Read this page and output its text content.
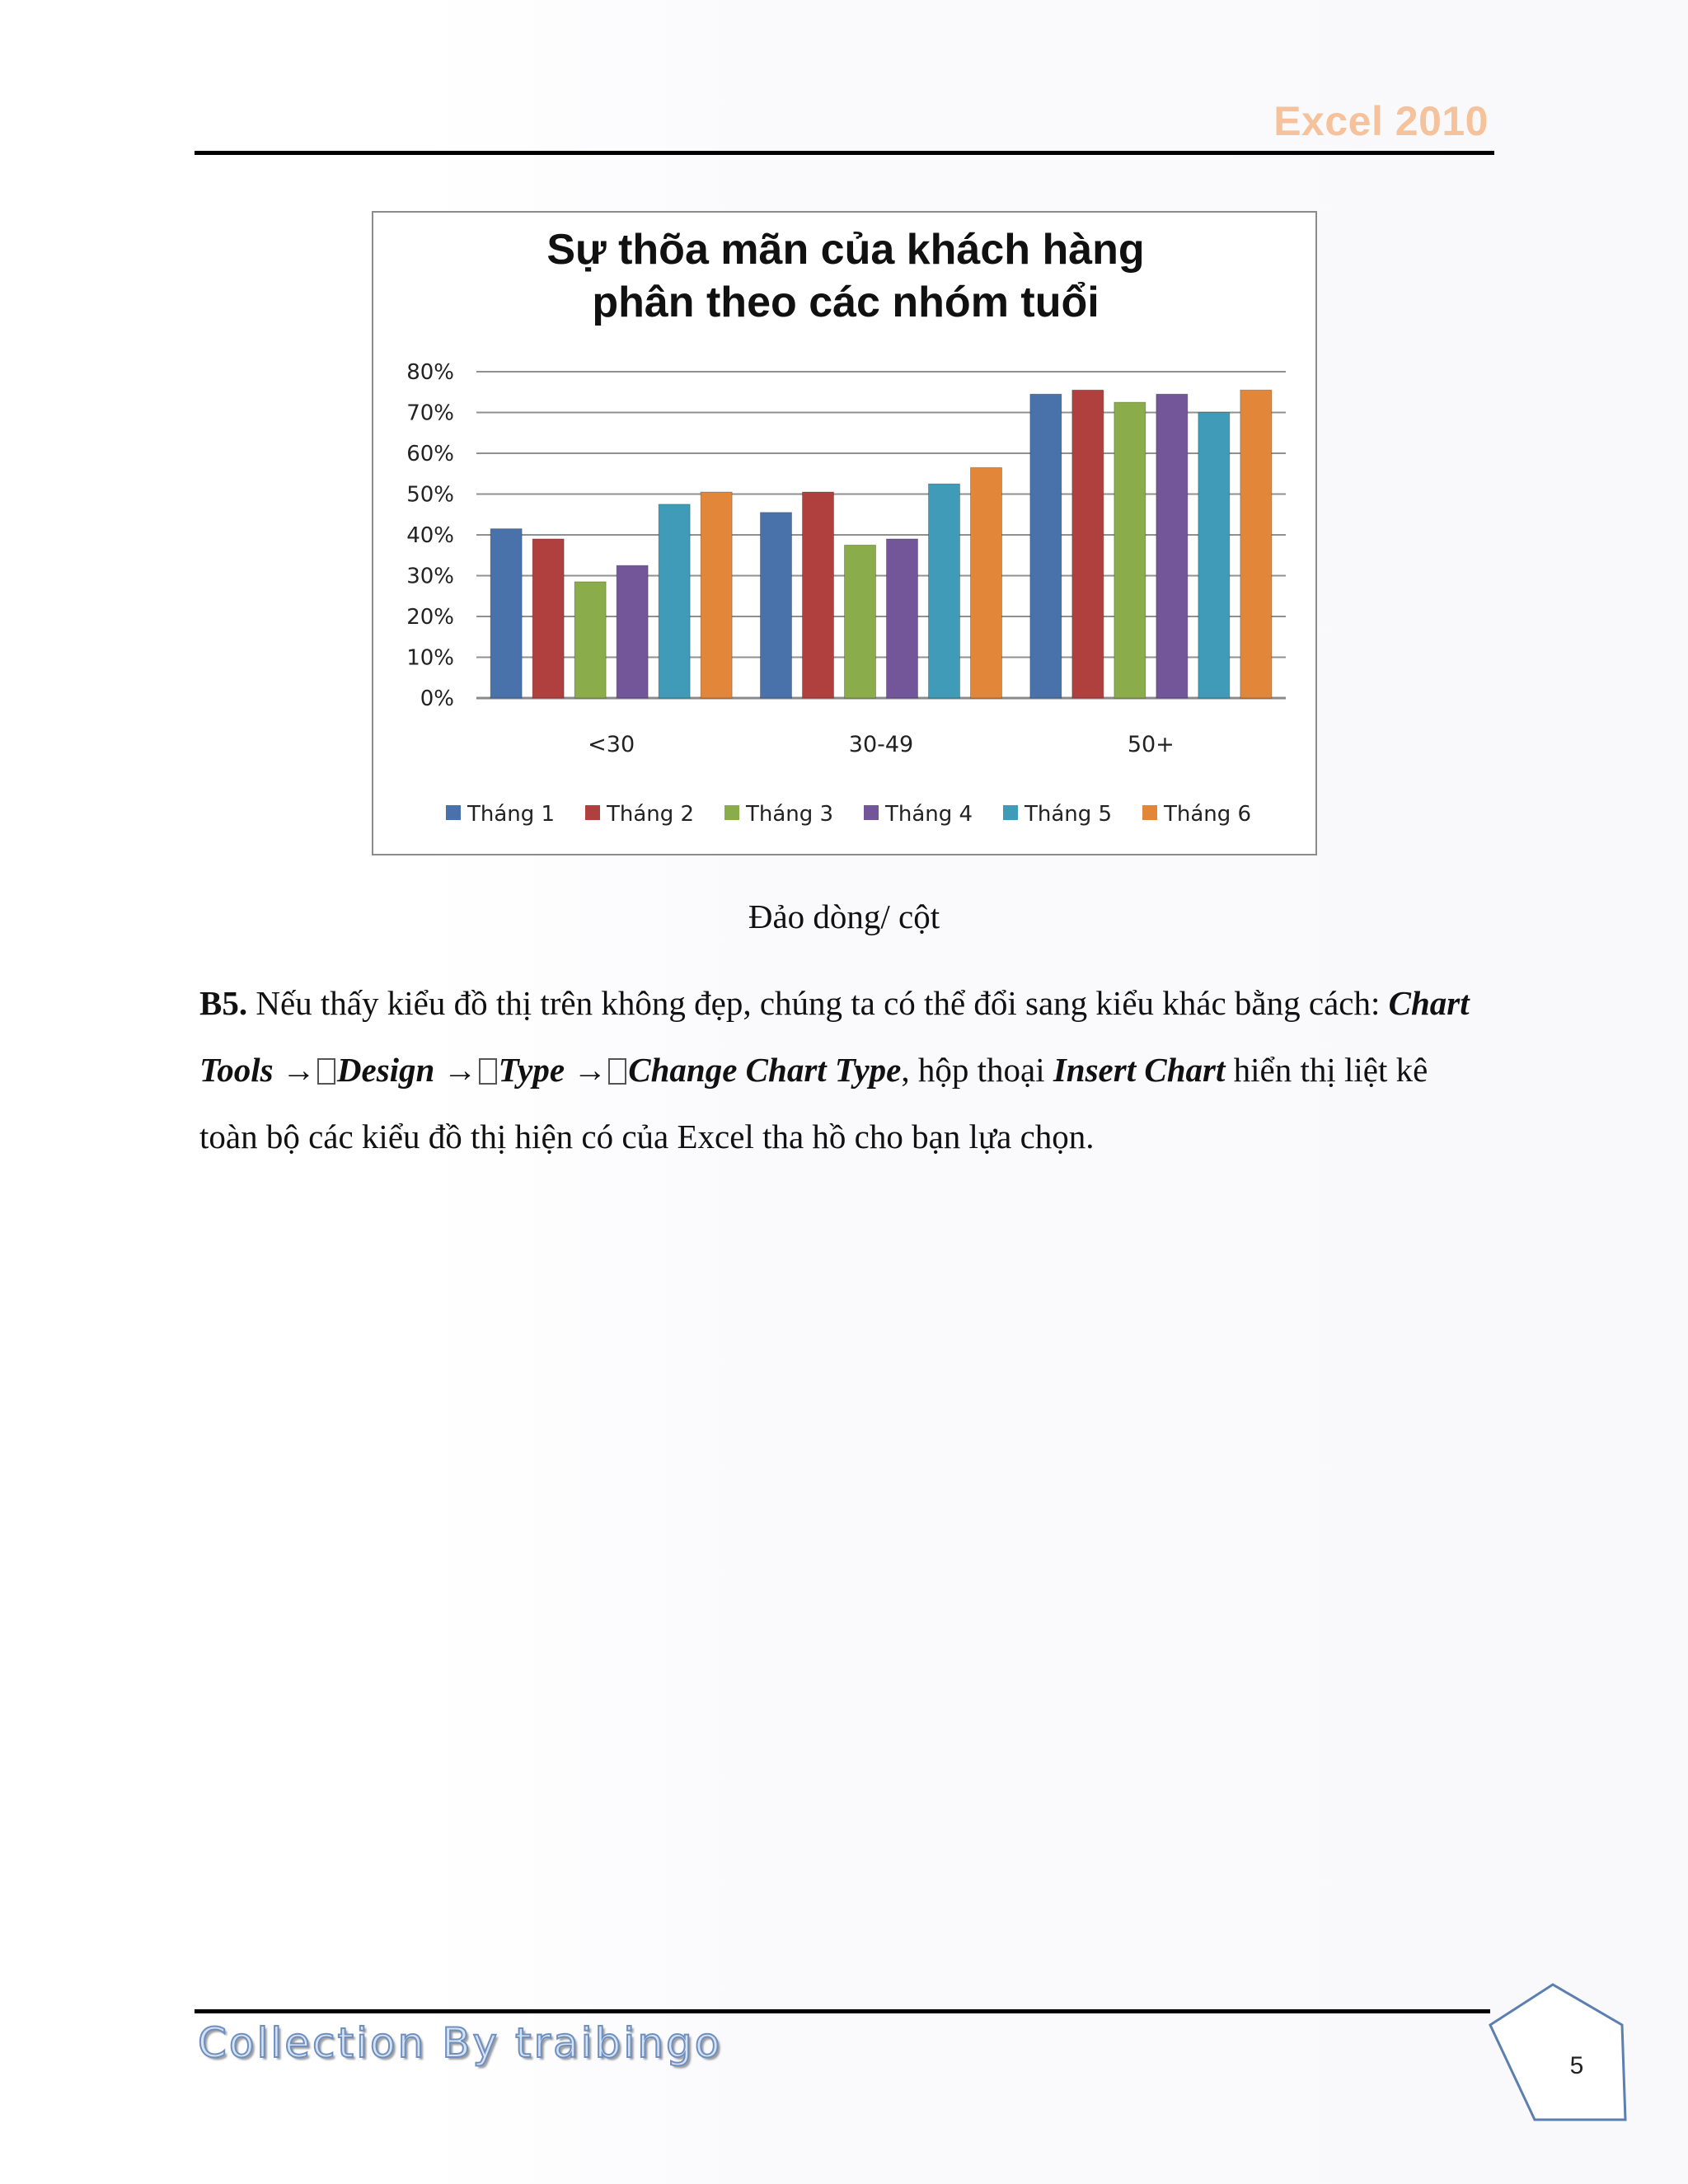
Excel 2010
Sự thõa mãn của khách hàng
phân theo các nhóm tuổi
0%
10%
20%
30%
40%
50%
60%
70%
80%
<30	30-49	50+
Tháng 1 Tháng 2 Tháng 3 Tháng 4 Tháng 5 Tháng 6
Đảo dòng/ cột
B5. Nếu thấy kiểu đồ thị trên không đẹp, chúng ta có thể đổi sang kiểu khác bằng cách: Chart Tools → Design → Type → Change Chart Type, hộp thoại Insert Chart hiển thị liệt kê toàn bộ các kiểu đồ thị hiện có của Excel tha hồ cho bạn lựa chọn.
Collection By traibingo	5
